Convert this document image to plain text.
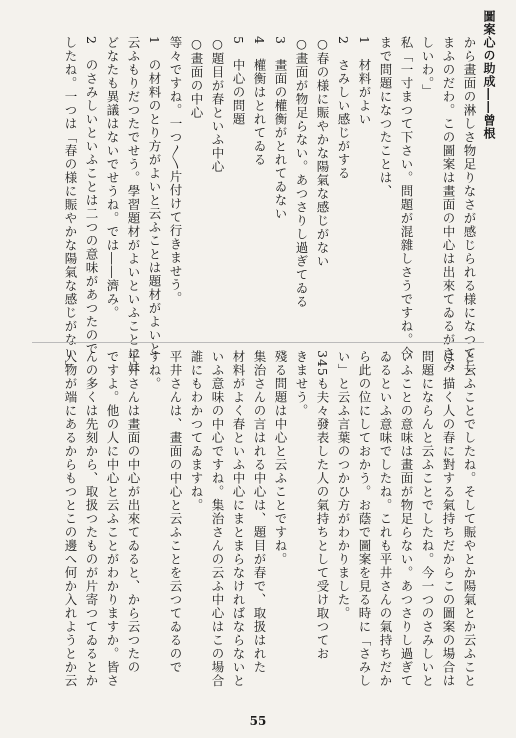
圖案心の助成――曾根
から畫面の淋しさ物足りなさが感じられる様になつてし
まふのだわ。この圖案は畫面の中心は出來てゐるがさみ
しいわ。」
私「一寸まつて下さい。問題が混雜しさうですね。今
まで問題になつたことは、
1　材料がよい
2　さみしい感じがする
○春の様に賑やかな陽氣な感じがない
○畫面が物足らない。あつさりし過ぎてゐる
3　畫面の權衡がとれてゐない
4　權衡はとれてゐる
5　中心の問題
○題目が春といふ中心
○畫面の中心
等々ですね。一つ〳〵片付けて行きませう。
1　の材料のとり方がよいと云ふことは題材がよいと
云ふもりだつたでせう。學習題材がよいといふことには
どなたも異議はないでせうね。では――濟み。
2　のさみしいといふことは二つの意味があつたので
したね。一つは「春の様に賑やかな陽氣な感じがない」
と云ふことでしたね。そして賑やとか陽氣とか云ふこと
は、描く人の春に對する氣持ちだからこの圖案の場合は
問題にならんと云ふことでしたね。今一つのさみしいと
いふことの意味は畫面が物足らない。あつさりし過ぎて
ゐるといふ意味でしたね。これも平井さんの氣持ちだか
ら此の位にしておかう。お蔭で圖案を見る時に「さみし
い」と云ふ言葉のつかひ方がわかりました。
345も夫々發表した人の氣持ちとして受け取つてお
きませう。
殘る問題は中心と云ふことですね。
集治さんの言はれる中心は、題目が春で、取扱はれた
材料がよく春といふ中心にまとまらなければならないと
いふ意味の中心ですね。集治さんの云ふ中心はこの場合
誰にもわかつてゐますね。
平井さんは、畫面の中心と云ふことを云つてゐるので
すね。
平井さんは畫面の中心が出來てゐると、から云つたの
ですよ。他の人に中心と云ふことがわかりますか。皆さ
んの多くは先刻から、取扱つたものが片寄つてゐるとか
人物が端にあるからもつとこの邊へ何か入れようとか云
55
